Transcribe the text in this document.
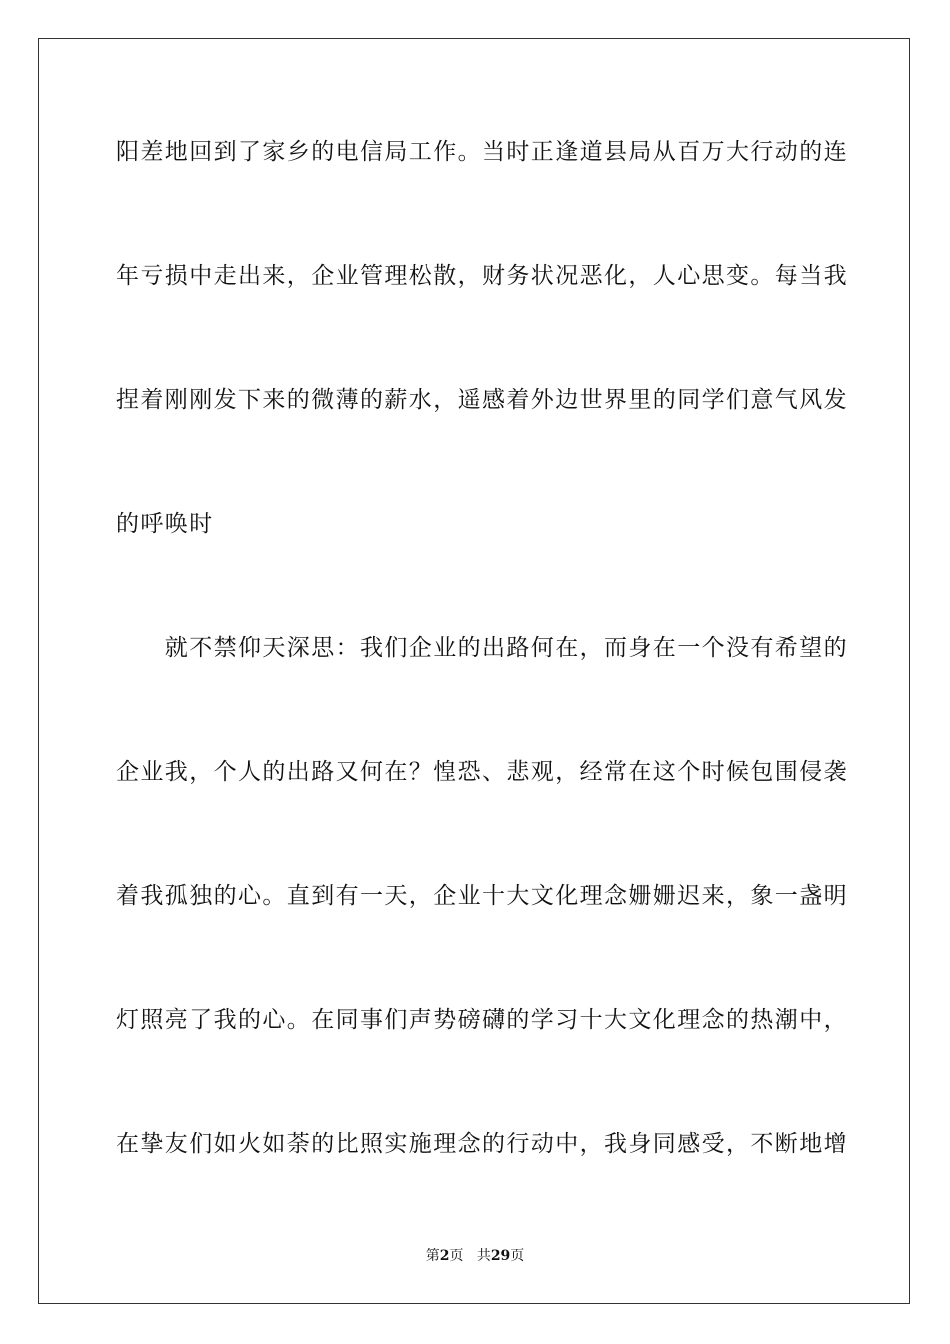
阳差地回到了家乡的电信局工作。当时正逢道县局从百万大行动的连
年亏损中走出来，企业管理松散，财务状况恶化，人心思变。每当我
捏着刚刚发下来的微薄的薪水，遥感着外边世界里的同学们意气风发
的呼唤时
　　就不禁仰天深思：我们企业的出路何在，而身在一个没有希望的
企业我，个人的出路又何在？惶恐、悲观，经常在这个时候包围侵袭
着我孤独的心。直到有一天，企业十大文化理念姗姗迟来，象一盏明
灯照亮了我的心。在同事们声势磅礴的学习十大文化理念的热潮中，
在挚友们如火如荼的比照实施理念的行动中，我身同感受，不断地增
第2页 共29页
